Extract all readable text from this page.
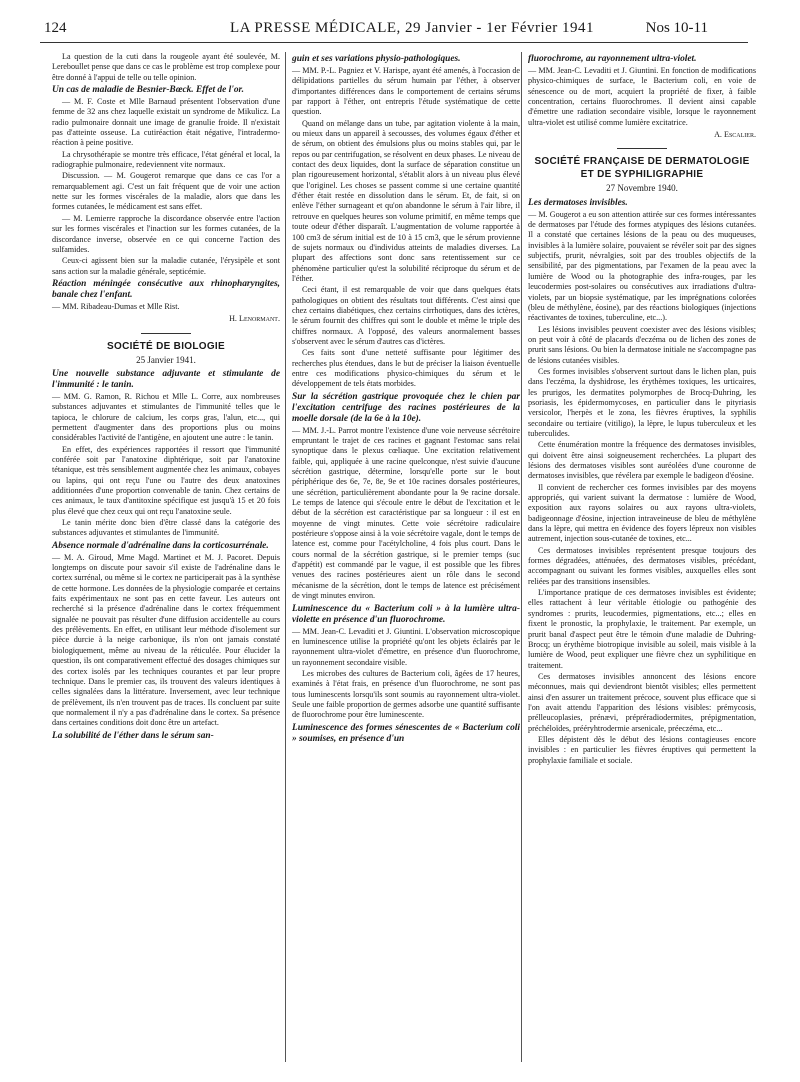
124	LA PRESSE MÉDICALE, 29 Janvier - 1er Février 1941	Nos 10-11

La question de la cuti dans la rougeole ayant été soulevée, M. Lereboullet pense que dans ce cas le problème est trop complexe pour être donné à l'appui de telle ou telle opinion.

Un cas de maladie de Besnier-Bœck. Effet de l'or.

— M. F. Coste et Mlle Barnaud présentent l'observation d'une femme de 32 ans chez laquelle existait un syndrome de Mikulicz. La radio pulmonaire donnait une image de granulie froide. Il n'existait pas d'atteinte osseuse. La cutiréaction était négative, l'intradermo-réaction à peine positive.

La chrysothérapie se montre très efficace, l'état général et local, la radiographie pulmonaire, redeviennent vite normaux.

Discussion. — M. Gougerot remarque que dans ce cas l'or a remarquablement agi. C'est un fait fréquent que de voir une action nette sur les formes viscérales de la maladie, alors que dans les formes cutanées, le médicament est sans effet.

— M. Lemierre rapproche la discordance observée entre l'action sur les formes viscérales et l'inaction sur les formes cutanées, de la discordance inverse, observée en ce qui concerne l'action des sulfamides.

Ceux-ci agissent bien sur la maladie cutanée, l'érysipèle et sont sans action sur la maladie générale, septicémie.

Réaction méningée consécutive aux rhinopharyngites, banale chez l'enfant.

— MM. Ribadeau-Dumas et Mlle Rist.

H. Lenormant.

SOCIÉTÉ DE BIOLOGIE
25 Janvier 1941.

Une nouvelle substance adjuvante et stimulante de l'immunité : le tanin.

— MM. G. Ramon, R. Richou et Mlle L. Corre, aux nombreuses substances adjuvantes et stimulantes de l'immunité telles que le tapioca, le chlorure de calcium, les corps gras, l'alun, etc..., qui permettent d'augmenter dans des proportions plus ou moins considérables l'activité de l'antigène, en ajoutent une autre : le tanin.

En effet, des expériences rapportées il ressort que l'immunité conférée soit par l'anatoxine diphtérique, soit par l'anatoxine tétanique, est très sensiblement augmentée chez les animaux, cobayes ou lapins, qui ont reçu l'une ou l'autre des deux anatoxines additionnées d'une proportion convenable de tanin. Chez certains de ces animaux, le taux d'antitoxine spécifique est jusqu'à 15 et 20 fois plus élevé que chez ceux qui ont reçu l'anatoxine seule.

Le tanin mérite donc bien d'être classé dans la catégorie des substances adjuvantes et stimulantes de l'immunité.

Absence normale d'adrénaline dans la corticosurrénale.

— M. A. Giroud, Mme Magd. Martinet et M. J. Pacoret. Depuis longtemps on discute pour savoir s'il existe de l'adrénaline dans le cortex surrénal, ou même si le cortex ne participerait pas à la synthèse de cette hormone. Les données de la physiologie comparée et certains faits expérimentaux ne sont pas en cette faveur. Les auteurs ont recherché si la présence d'adrénaline dans le cortex fréquemment signalée ne pouvait pas résulter d'une diffusion accidentelle au cours des prélèvements. En effet, en utilisant leur méthode d'isolement sur pièce durcie à la neige carbonique, ils n'on ont jamais constaté biologiquement, même au niveau de la réticulée. Pour élucider la question, ils ont comparativement effectué des dosages chimiques sur des cortex isolés par les techniques courantes et par leur propre technique. Dans le premier cas, ils trouvent des valeurs identiques à celles signalées dans la littérature. Inversement, avec leur technique de prélèvement, ils n'en trouvent pas de traces. Ils concluent par suite que normalement il n'y a pas d'adrénaline dans le cortex. Sa présence dans certaines conditions doit donc être un artefact.

La solubilité de l'éther dans le sérum san-

guin et ses variations physio-pathologiques.

— MM. P.-L. Pagniez et V. Harispe, ayant été amenés, à l'occasion de délipidations partielles du sérum humain par l'éther, à observer d'importantes différences dans le comportement de certains sérums par rapport à l'éther, ont entrepris l'étude systématique de cette question.

Quand on mélange dans un tube, par agitation violente à la main, ou mieux dans un appareil à secousses, des volumes égaux d'éther et de sérum, on obtient des émulsions plus ou moins stables qui, par le repos ou par centrifugation, se résolvent en deux phases. Le niveau de contact des deux liquides, dont la surface de séparation constitue un plan rigoureusement horizontal, s'établit alors à un niveau plus élevé que l'originel. Les choses se passent comme si une certaine quantité d'éther était restée en dissolution dans le sérum. Et, de fait, si on enlève l'éther surnageant et qu'on abandonne le sérum à l'air libre, il retrouve en quelques heures son volume primitif, en même temps que toute odeur d'éther disparaît. L'augmentation de volume rapportée à 100 cm3 de sérum initial est de 10 à 15 cm3, que le sérum provienne de sujets normaux ou d'individus atteints de maladies diverses. La plupart des affections sont donc sans retentissement sur ce phénomène particulier qu'est la solubilité réciproque du sérum et de l'éther.

Ceci étant, il est remarquable de voir que dans quelques états pathologiques on obtient des résultats tout différents. C'est ainsi que chez certains diabétiques, chez certains cirrhotiques, dans des ictères, le sérum fournit des chiffres qui sont le double et même le triple des chiffres normaux. A l'opposé, des valeurs anormalement basses s'observent avec le sérum d'autres cas d'ictères.

Ces faits sont d'une netteté suffisante pour légitimer des recherches plus étendues, dans le but de préciser la liaison éventuelle entre ces modifications physico-chimiques du sérum et le développement de tels états morbides.

Sur la sécrétion gastrique provoquée chez le chien par l'excitation centrifuge des racines postérieures de la moelle dorsale (de la 6e à la 10e).

— MM. J.-L. Parrot montre l'existence d'une voie nerveuse sécrétoire empruntant le trajet de ces racines et gagnant l'estomac sans relai synoptique dans le plexus cœliaque. Une excitation relativement faible, qui, appliquée à une racine quelconque, n'est suivie d'aucune sécrétion gastrique, détermine, lorsqu'elle porte sur le bout périphérique des 6e, 7e, 8e, 9e et 10e racines dorsales postérieures, une sécrétion, particulièrement abondante pour la 9e racine dorsale. Le temps de latence qui s'écoule entre le début de l'excitation et le début de la sécrétion est caractéristique par sa longueur : il est en moyenne de vingt minutes. Cette voie sécrétoire radiculaire postérieure s'oppose ainsi à la voie sécrétoire vagale, dont le temps de latence est, comme pour l'acétylcholine, 4 fois plus court. Dans le cours normal de la sécrétion gastrique, si le premier temps (suc d'appétit) est commandé par le vague, il est possible que les fibres venues des racines postérieures aient un rôle dans le second mécanisme de la sécrétion, dont le temps de latence est précisément de vingt minutes environ.

Luminescence du « Bacterium coli » à la lumière ultra-violette en présence d'un fluorochrome.

— MM. Jean-C. Levaditi et J. Giuntini. L'observation microscopique en luminescence utilise la propriété qu'ont les objets éclairés par le rayonnement ultra-violet d'émettre, en présence d'un fluorochrome, un rayonnement secondaire visible.

Les microbes des cultures de Bacterium coli, âgées de 17 heures, examinés à l'état frais, en présence d'un fluorochrome, ne sont pas tous luminescents lorsqu'ils sont soumis au rayonnement ultra-violet. Seule une faible proportion de germes adsorbe une quantité suffisante de fluorochrome pour être luminescente.

Luminescence des formes sénescentes de « Bacterium coli » soumises, en présence d'un

fluorochrome, au rayonnement ultra-violet.

— MM. Jean-C. Levaditi et J. Giuntini. En fonction de modifications physico-chimiques de surface, le Bacterium coli, en voie de sénescence ou de mort, acquiert la propriété de fixer, à faible concentration, certains fluorochromes. Il devient ainsi capable d'émettre une radiation secondaire visible, lorsque le rayonnement ultra-violet est utilisé comme lumière excitatrice.

A. Escalier.

SOCIÉTÉ FRANÇAISE DE DERMATOLOGIE ET DE SYPHILIGRAPHIE
27 Novembre 1940.

Les dermatoses invisibles.

— M. Gougerot a eu son attention attirée sur ces formes intéressantes de dermatoses par l'étude des formes atypiques des lésions cutanées. Il a constaté que certaines lésions de la peau ou des muqueuses, invisibles à la lumière solaire, pouvaient se révéler soit par des signes subjectifs, prurit, névralgies, soit par des troubles objectifs de la sensibilité, par des pigmentations, par l'examen de la peau avec la lumière de Wood ou la photographie des infra-rouges, par les leucodermies post-solaires ou consécutives aux irradiations d'ultra-violets, par un biopsie systématique, par les imprégnations colorées (bleu de méthylène, éosine), par des réactions biologiques (injections réactivantes de toxines, tuberculine, etc...).

Les lésions invisibles peuvent coexister avec des lésions visibles; on peut voir à côté de placards d'eczéma ou de lichen des zones de prurit sans lésions. Ou bien la dermatose initiale ne s'accompagne pas de lésions cutanées visibles.

Ces formes invisibles s'observent surtout dans le lichen plan, puis dans l'eczéma, la dyshidrose, les érythèmes toxiques, les urticaires, les prurigos, les dermatites polymorphes de Brocq-Duhring, les psoriasis, les épidermomycoses, en particulier dans le pityriasis versicolor, l'herpès et le zona, les fièvres éruptives, la syphilis secondaire ou tertiaire (vitiligo), la lèpre, le lupus tuberculeux et les tuberculides.

Cette énumération montre la fréquence des dermatoses invisibles, qui doivent être ainsi soigneusement recherchées. La plupart des lésions des dermatoses visibles sont auréolées d'une couronne de dermatoses invisibles, que révélera par exemple le badigeon d'éosine.

Il convient de rechercher ces formes invisibles par des moyens appropriés, qui varient suivant la dermatose : lumière de Wood, exposition aux rayons solaires ou aux rayons ultra-violets, badigeonnage d'éosine, injection intraveineuse de bleu de méthylène dans la lèpre, qui mettra en évidence des foyers lépreux non visibles autrement, injection sous-cutanée de toxines, etc...

Ces dermatoses invisibles représentent presque toujours des formes dégradées, atténuées, des dermatoses visibles, précédant, accompagnant ou suivant les formes visibles, auxquelles elles sont reliées par des transitions insensibles.

L'importance pratique de ces dermatoses invisibles est évidente; elles rattachent à leur véritable étiologie ou pathogénie des syndromes : prurits, leucodermies, pigmentations, etc...; elles en fixent le pronostic, la prophylaxie, le traitement. Par exemple, un prurit banal d'aspect peut être le témoin d'une maladie de Duhring-Brocq; un érythème biotropique invisible au soleil, mais visible à la lumière de Wood, peut expliquer une fièvre chez un syphilitique en traitement.

Ces dermatoses invisibles annoncent des lésions encore méconnues, mais qui deviendront bientôt visibles; elles permettent ainsi d'en assurer un traitement précoce, souvent plus efficace que si l'on avait attendu l'apparition des lésions visibles: prémycosis, prélleucoplasies, prénævi, prépréradiodermites, prépigmentation, préchéloïdes, prééryhtrodermie arsenicale, préeczéma, etc...

Elles dépistent dès le début des lésions contagieuses encore invisibles : en particulier les fièvres éruptives qui permettent la prophylaxie familiale et sociale.
